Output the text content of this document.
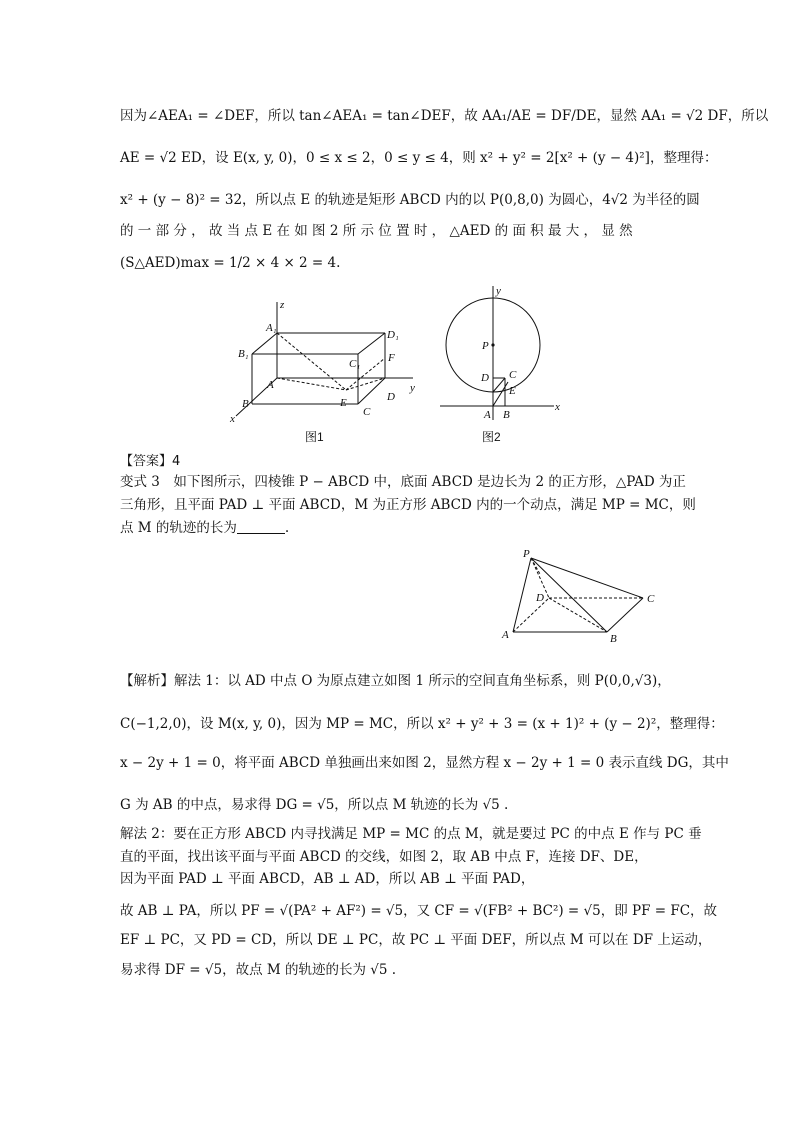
因为∠AEA₁ = ∠DEF，所以 tan∠AEA₁ = tan∠DEF，故 AA₁/AE = DF/DE，显然 AA₁ = √2 DF，所以
AE = √2 ED，设 E(x, y, 0)，0 ≤ x ≤ 2，0 ≤ y ≤ 4，则 x² + y² = 2[x² + (y − 4)²]，整理得：
x² + (y − 8)² = 32，所以点 E 的轨迹是矩形 ABCD 内的以 P(0,8,0) 为圆心，4√2 为半径的圆
的 一 部 分 ， 故 当 点 E 在 如 图 2 所 示 位 置 时 ， △AED 的 面 积 最 大 ， 显 然
(S△AED)max = 1/2 × 4 × 2 = 4.
z
A₁
D₁
B₁
C₁	F
A	y
B	E	D
C
x
图1
y
P
D C
E
A B
x
图2
【答案】4
变式 3　如下图所示，四棱锥 P − ABCD 中，底面 ABCD 是边长为 2 的正方形，△PAD 为正
三角形，且平面 PAD ⊥ 平面 ABCD，M 为正方形 ABCD 内的一个动点，满足 MP = MC，则
点 M 的轨迹的长为	.
P
D	C
A	B
【解析】解法 1：以 AD 中点 O 为原点建立如图 1 所示的空间直角坐标系，则 P(0,0,√3)，
C(−1,2,0)，设 M(x, y, 0)，因为 MP = MC，所以 x² + y² + 3 = (x + 1)² + (y − 2)²，整理得：
x − 2y + 1 = 0，将平面 ABCD 单独画出来如图 2，显然方程 x − 2y + 1 = 0 表示直线 DG，其中
G 为 AB 的中点，易求得 DG = √5，所以点 M 轨迹的长为 √5 .
解法 2：要在正方形 ABCD 内寻找满足 MP = MC 的点 M，就是要过 PC 的中点 E 作与 PC 垂
直的平面，找出该平面与平面 ABCD 的交线，如图 2，取 AB 中点 F，连接 DF、DE，
因为平面 PAD ⊥ 平面 ABCD，AB ⊥ AD，所以 AB ⊥ 平面 PAD，
故 AB ⊥ PA，所以 PF = √(PA² + AF²) = √5，又 CF = √(FB² + BC²) = √5，即 PF = FC，故
EF ⊥ PC，又 PD = CD，所以 DE ⊥ PC，故 PC ⊥ 平面 DEF，所以点 M 可以在 DF 上运动，
易求得 DF = √5，故点 M 的轨迹的长为 √5 .
